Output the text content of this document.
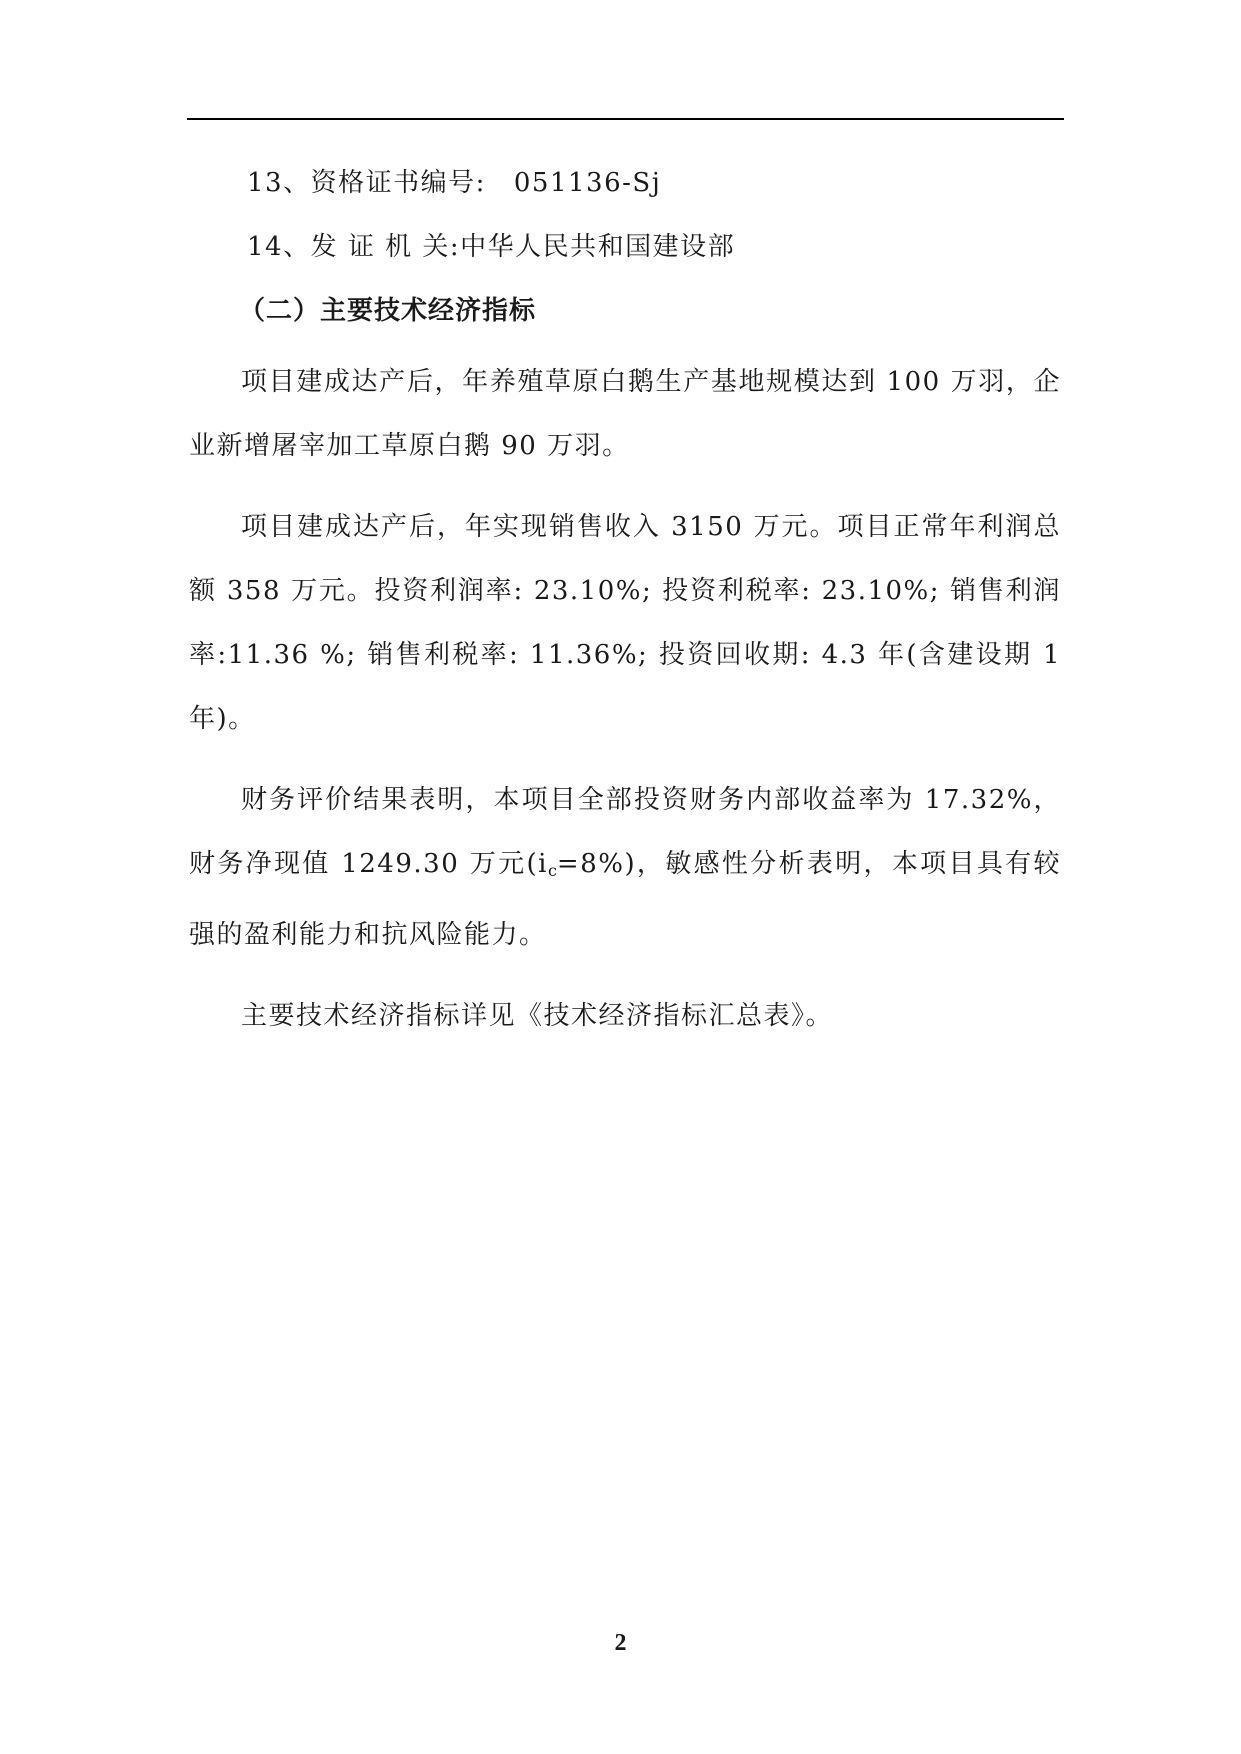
13、资格证书编号: 051136-Sj

14、发 证 机 关:中华人民共和国建设部

（二）主要技术经济指标

项目建成达产后，年养殖草原白鹅生产基地规模达到 100 万羽，企业新增屠宰加工草原白鹅 90 万羽。

项目建成达产后，年实现销售收入 3150 万元。项目正常年利润总额 358 万元。投资利润率: 23.10%; 投资利税率: 23.10%; 销售利润率:11.36 %; 销售利税率: 11.36%; 投资回收期: 4.3 年(含建设期 1 年)。

财务评价结果表明，本项目全部投资财务内部收益率为 17.32%，财务净现值 1249.30 万元$(i_c=8\%)$，敏感性分析表明，本项目具有较强的盈利能力和抗风险能力。

主要技术经济指标详见《技术经济指标汇总表》。

2
